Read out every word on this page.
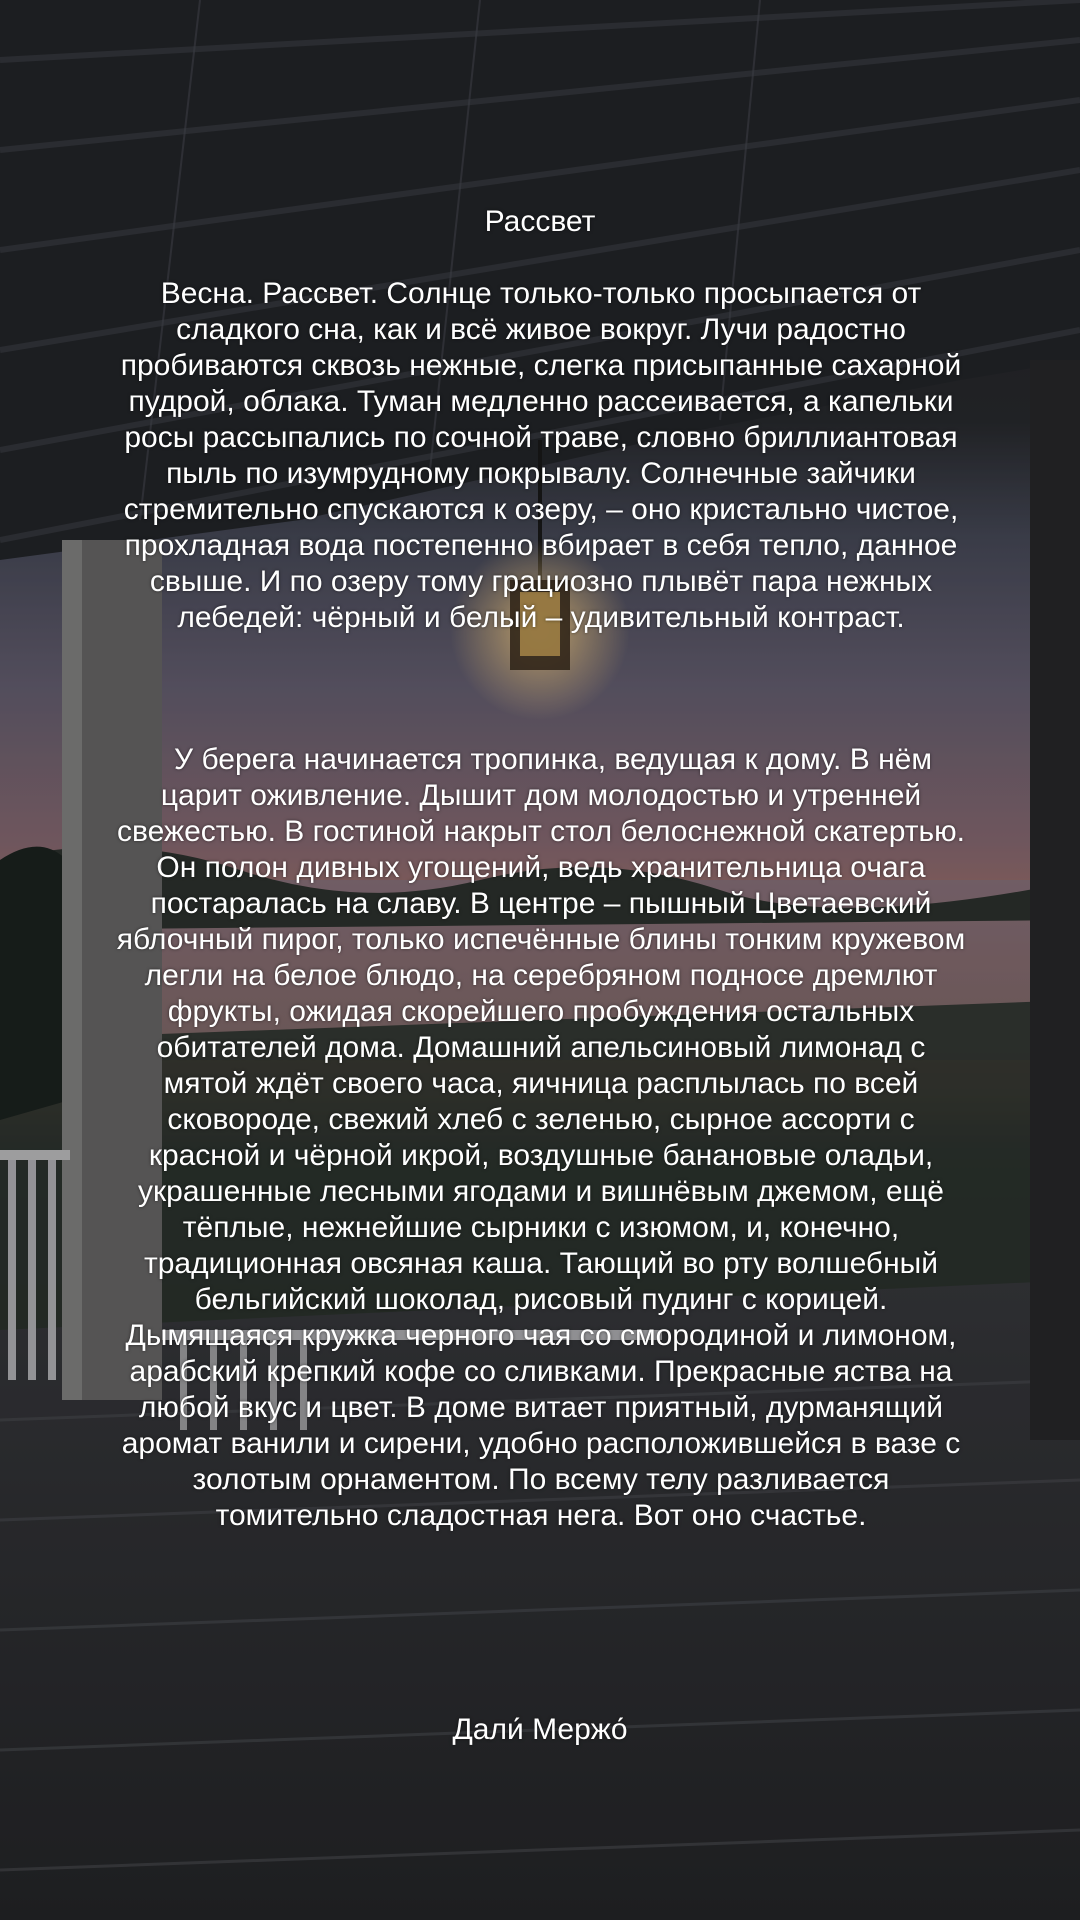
Рассвет
Весна. Рассвет. Солнце только-только просыпается от сладкого сна, как и всё живое вокруг. Лучи радостно пробиваются сквозь нежные, слегка присыпанные сахарной пудрой, облака. Туман медленно рассеивается, а капельки росы рассыпались по сочной траве, словно бриллиантовая пыль по изумрудному покрывалу. Солнечные зайчики стремительно спускаются к озеру, – оно кристально чистое, прохладная вода постепенно вбирает в себя тепло, данное свыше. И по озеру тому грациозно плывёт пара нежных лебедей: чёрный и белый – удивительный контраст.
У берега начинается тропинка, ведущая к дому. В нём царит оживление. Дышит дом молодостью и утренней свежестью. В гостиной накрыт стол белоснежной скатертью. Он полон дивных угощений, ведь хранительница очага постаралась на славу. В центре – пышный Цветаевский яблочный пирог, только испечённые блины тонким кружевом легли на белое блюдо, на серебряном подносе дремлют фрукты, ожидая скорейшего пробуждения остальных обитателей дома. Домашний апельсиновый лимонад с мятой ждёт своего часа, яичница расплылась по всей сковороде, свежий хлеб с зеленью, сырное ассорти с красной и чёрной икрой, воздушные банановые оладьи, украшенные лесными ягодами и вишнёвым джемом, ещё тёплые, нежнейшие сырники с изюмом, и, конечно, традиционная овсяная каша. Тающий во рту волшебный бельгийский шоколад, рисовый пудинг с корицей. Дымящаяся кружка черного чая со смородиной и лимоном, арабский крепкий кофе со сливками. Прекрасные яства на любой вкус и цвет. В доме витает приятный, дурманящий аромат ванили и сирени, удобно расположившейся в вазе с золотым орнаментом. По всему телу разливается томительно сладостная нега. Вот оно счастье.
Дали́ Мержо́
